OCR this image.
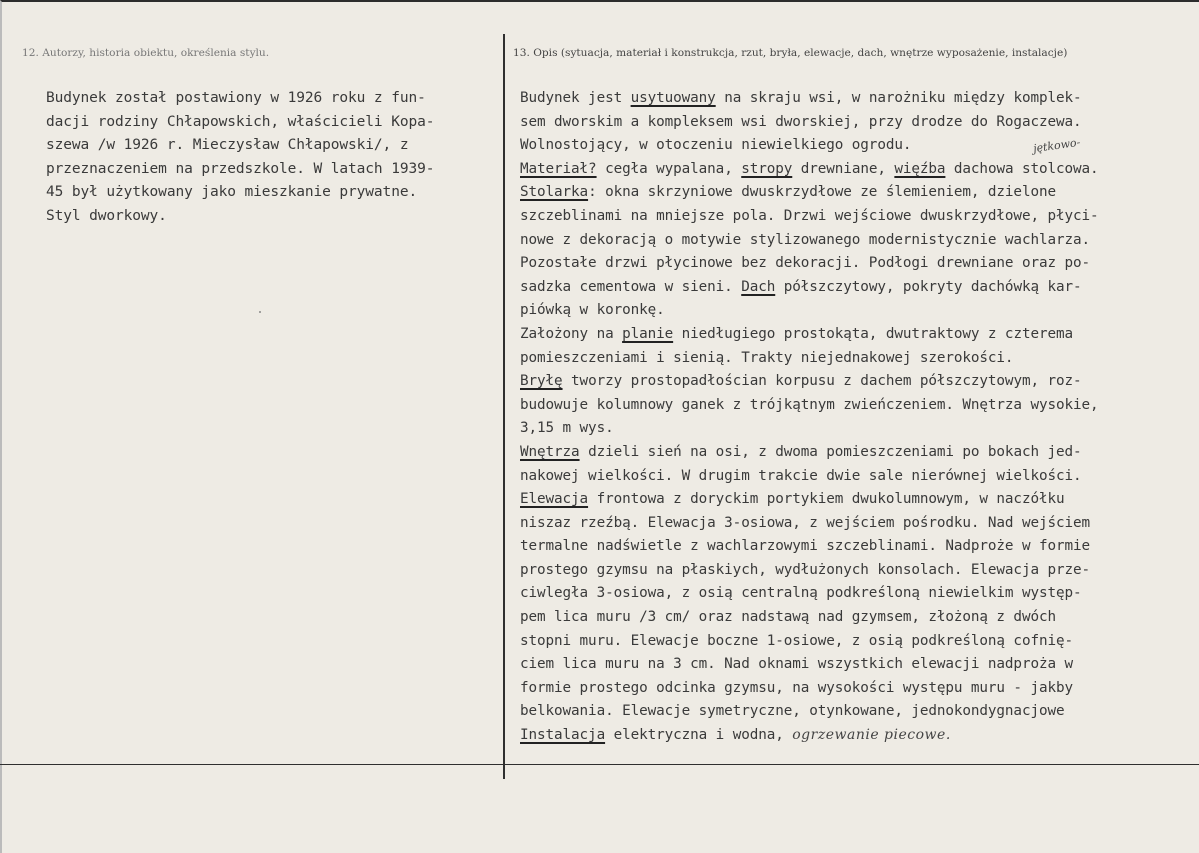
12. Autorzy, historia obiektu, określenia stylu.	13. Opis (sytuacja, materiał i konstrukcja, rzut, bryła, elewacje, dach, wnętrze wyposażenie, instalacje)
Budynek został postawiony w 1926 roku z fun-
dacji rodziny Chłapowskich, właścicieli Kopa-
szewa /w 1926 r. Mieczysław Chłapowski/, z
przeznaczeniem na przedszkole. W latach 1939-
45 był użytkowany jako mieszkanie prywatne.
Styl dworkowy.
Budynek jest usytuowany na skraju wsi, w narożniku między komplek-
sem dworskim a kompleksem wsi dworskiej, przy drodze do Rogaczewa.
Wolnostojący, w otoczeniu niewielkiego ogrodu.
Materiał? cegła wypalana, stropy drewniane, więźba dachowa stolcowa.
Stolarka: okna skrzyniowe dwuskrzydłowe ze ślemieniem, dzielone
szczeblinami na mniejsze pola. Drzwi wejściowe dwuskrzydłowe, płyci-
nowe z dekoracją o motywie stylizowanego modernistycznie wachlarza.
Pozostałe drzwi płycinowe bez dekoracji. Podłogi drewniane oraz po-
sadzka cementowa w sieni. Dach półszczytowy, pokryty dachówką kar-
piówką w koronkę.
Założony na planie niedługiego prostokąta, dwutraktowy z czterema
pomieszczeniami i sienią. Trakty niejednakowej szerokości.
Bryłę tworzy prostopadłościan korpusu z dachem półszczytowym, roz-
budowuje kolumnowy ganek z trójkątnym zwieńczeniem. Wnętrza wysokie,
3,15 m wys.
Wnętrza dzieli sień na osi, z dwoma pomieszczeniami po bokach jed-
nakowej wielkości. W drugim trakcie dwie sale nierównej wielkości.
Elewacja frontowa z doryckim portykiem dwukolumnowym, w naczółku
niszaz rzeźbą. Elewacja 3-osiowa, z wejściem pośrodku. Nad wejściem
termalne nadświetle z wachlarzowymi szczeblinami. Nadproże w formie
prostego gzymsu na płaskiych, wydłużonych konsolach. Elewacja prze-
ciwległa 3-osiowa, z osią centralną podkreśloną niewielkim występ-
pem lica muru /3 cm/ oraz nadstawą nad gzymsem, złożoną z dwóch
stopni muru. Elewacje boczne 1-osiowe, z osią podkreśloną cofnię-
ciem lica muru na 3 cm. Nad oknami wszystkich elewacji nadproża w
formie prostego odcinka gzymsu, na wysokości występu muru - jakby
belkowania. Elewacje symetryczne, otynkowane, jednokondygnacjowe
Instalacja elektryczna i wodna, ogrzewanie piecowe.
jętkowo-
